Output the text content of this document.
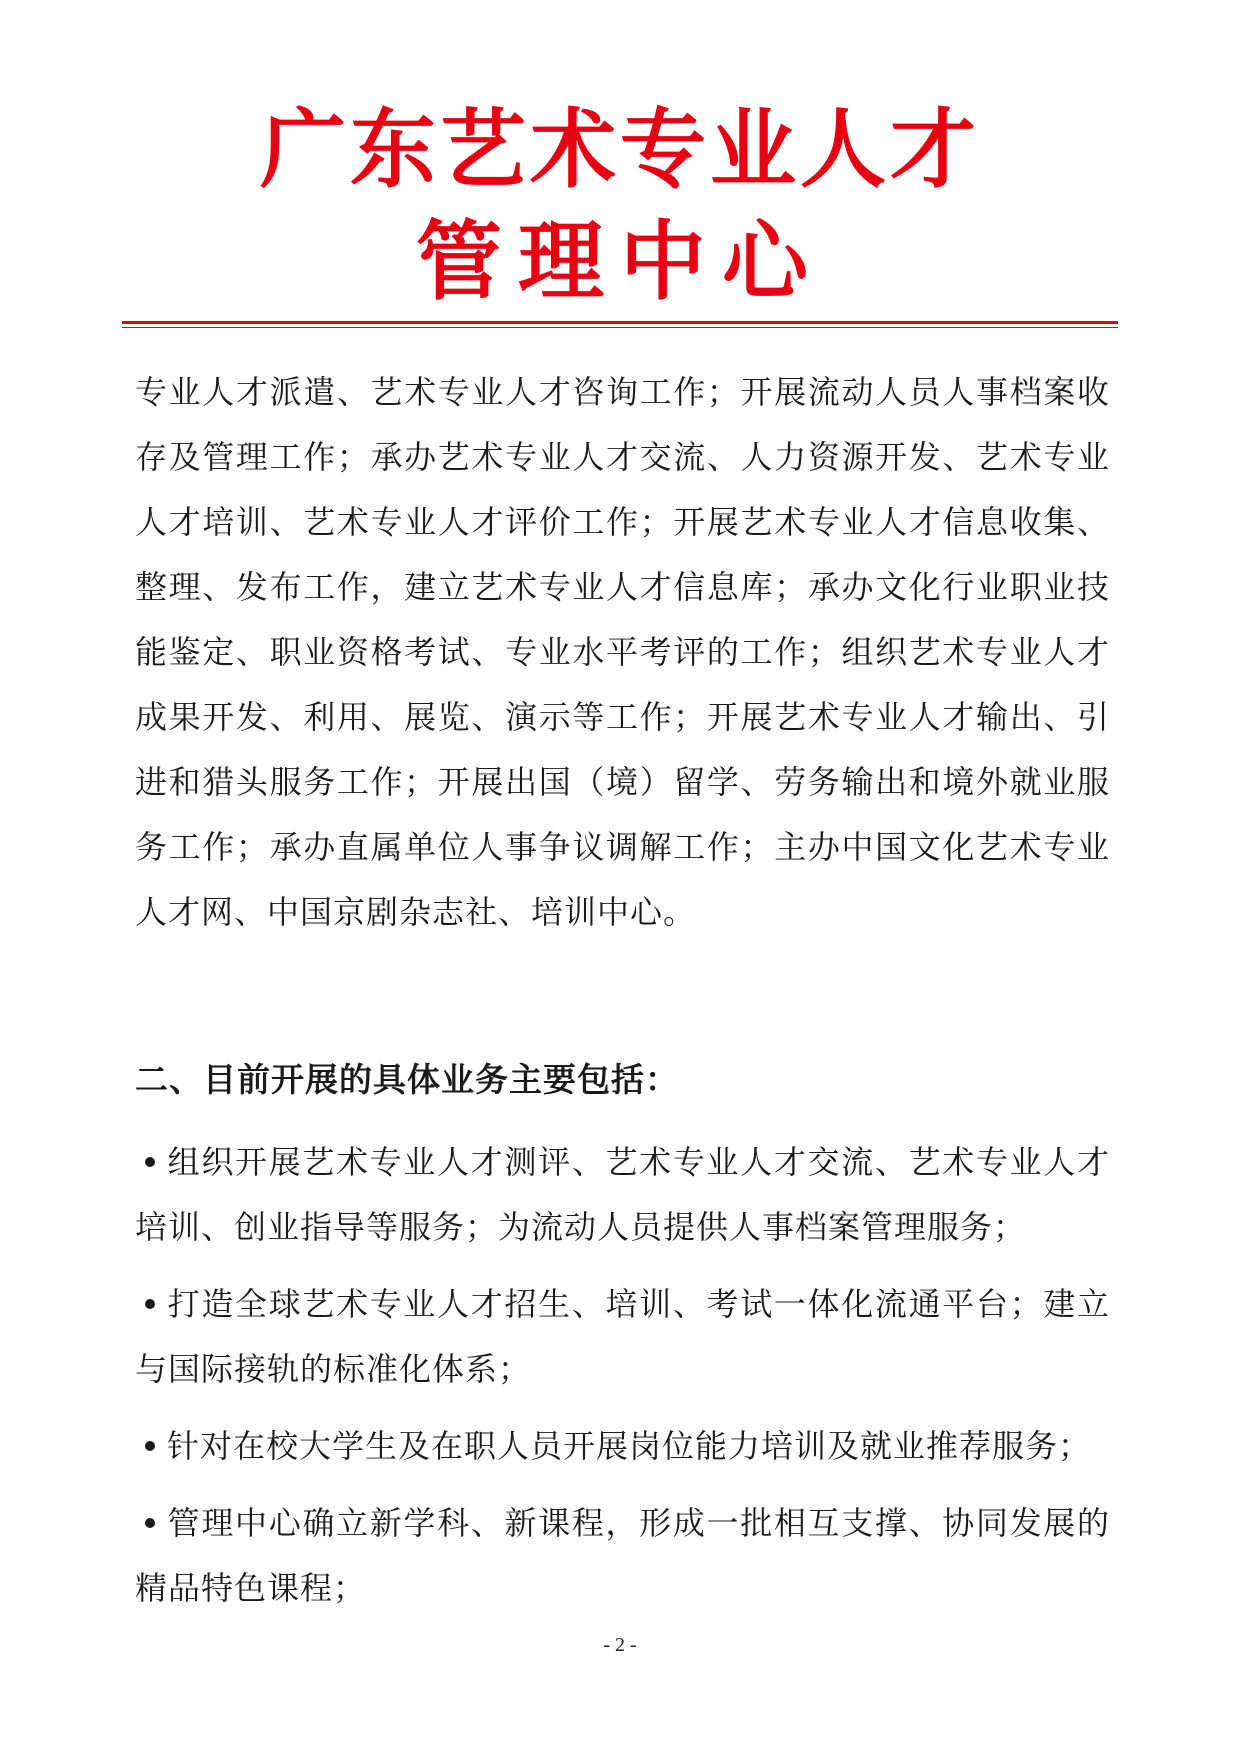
广东艺术专业人才
管理中心

专业人才派遣、艺术专业人才咨询工作；开展流动人员人事档案收存及管理工作；承办艺术专业人才交流、人力资源开发、艺术专业人才培训、艺术专业人才评价工作；开展艺术专业人才信息收集、整理、发布工作，建立艺术专业人才信息库；承办文化行业职业技能鉴定、职业资格考试、专业水平考评的工作；组织艺术专业人才成果开发、利用、展览、演示等工作；开展艺术专业人才输出、引进和猎头服务工作；开展出国（境）留学、劳务输出和境外就业服务工作；承办直属单位人事争议调解工作；主办中国文化艺术专业人才网、中国京剧杂志社、培训中心。

二、目前开展的具体业务主要包括：

组织开展艺术专业人才测评、艺术专业人才交流、艺术专业人才培训、创业指导等服务；为流动人员提供人事档案管理服务；

打造全球艺术专业人才招生、培训、考试一体化流通平台；建立与国际接轨的标准化体系；

针对在校大学生及在职人员开展岗位能力培训及就业推荐服务；

管理中心确立新学科、新课程，形成一批相互支撑、协同发展的精品特色课程；

- 2 -
